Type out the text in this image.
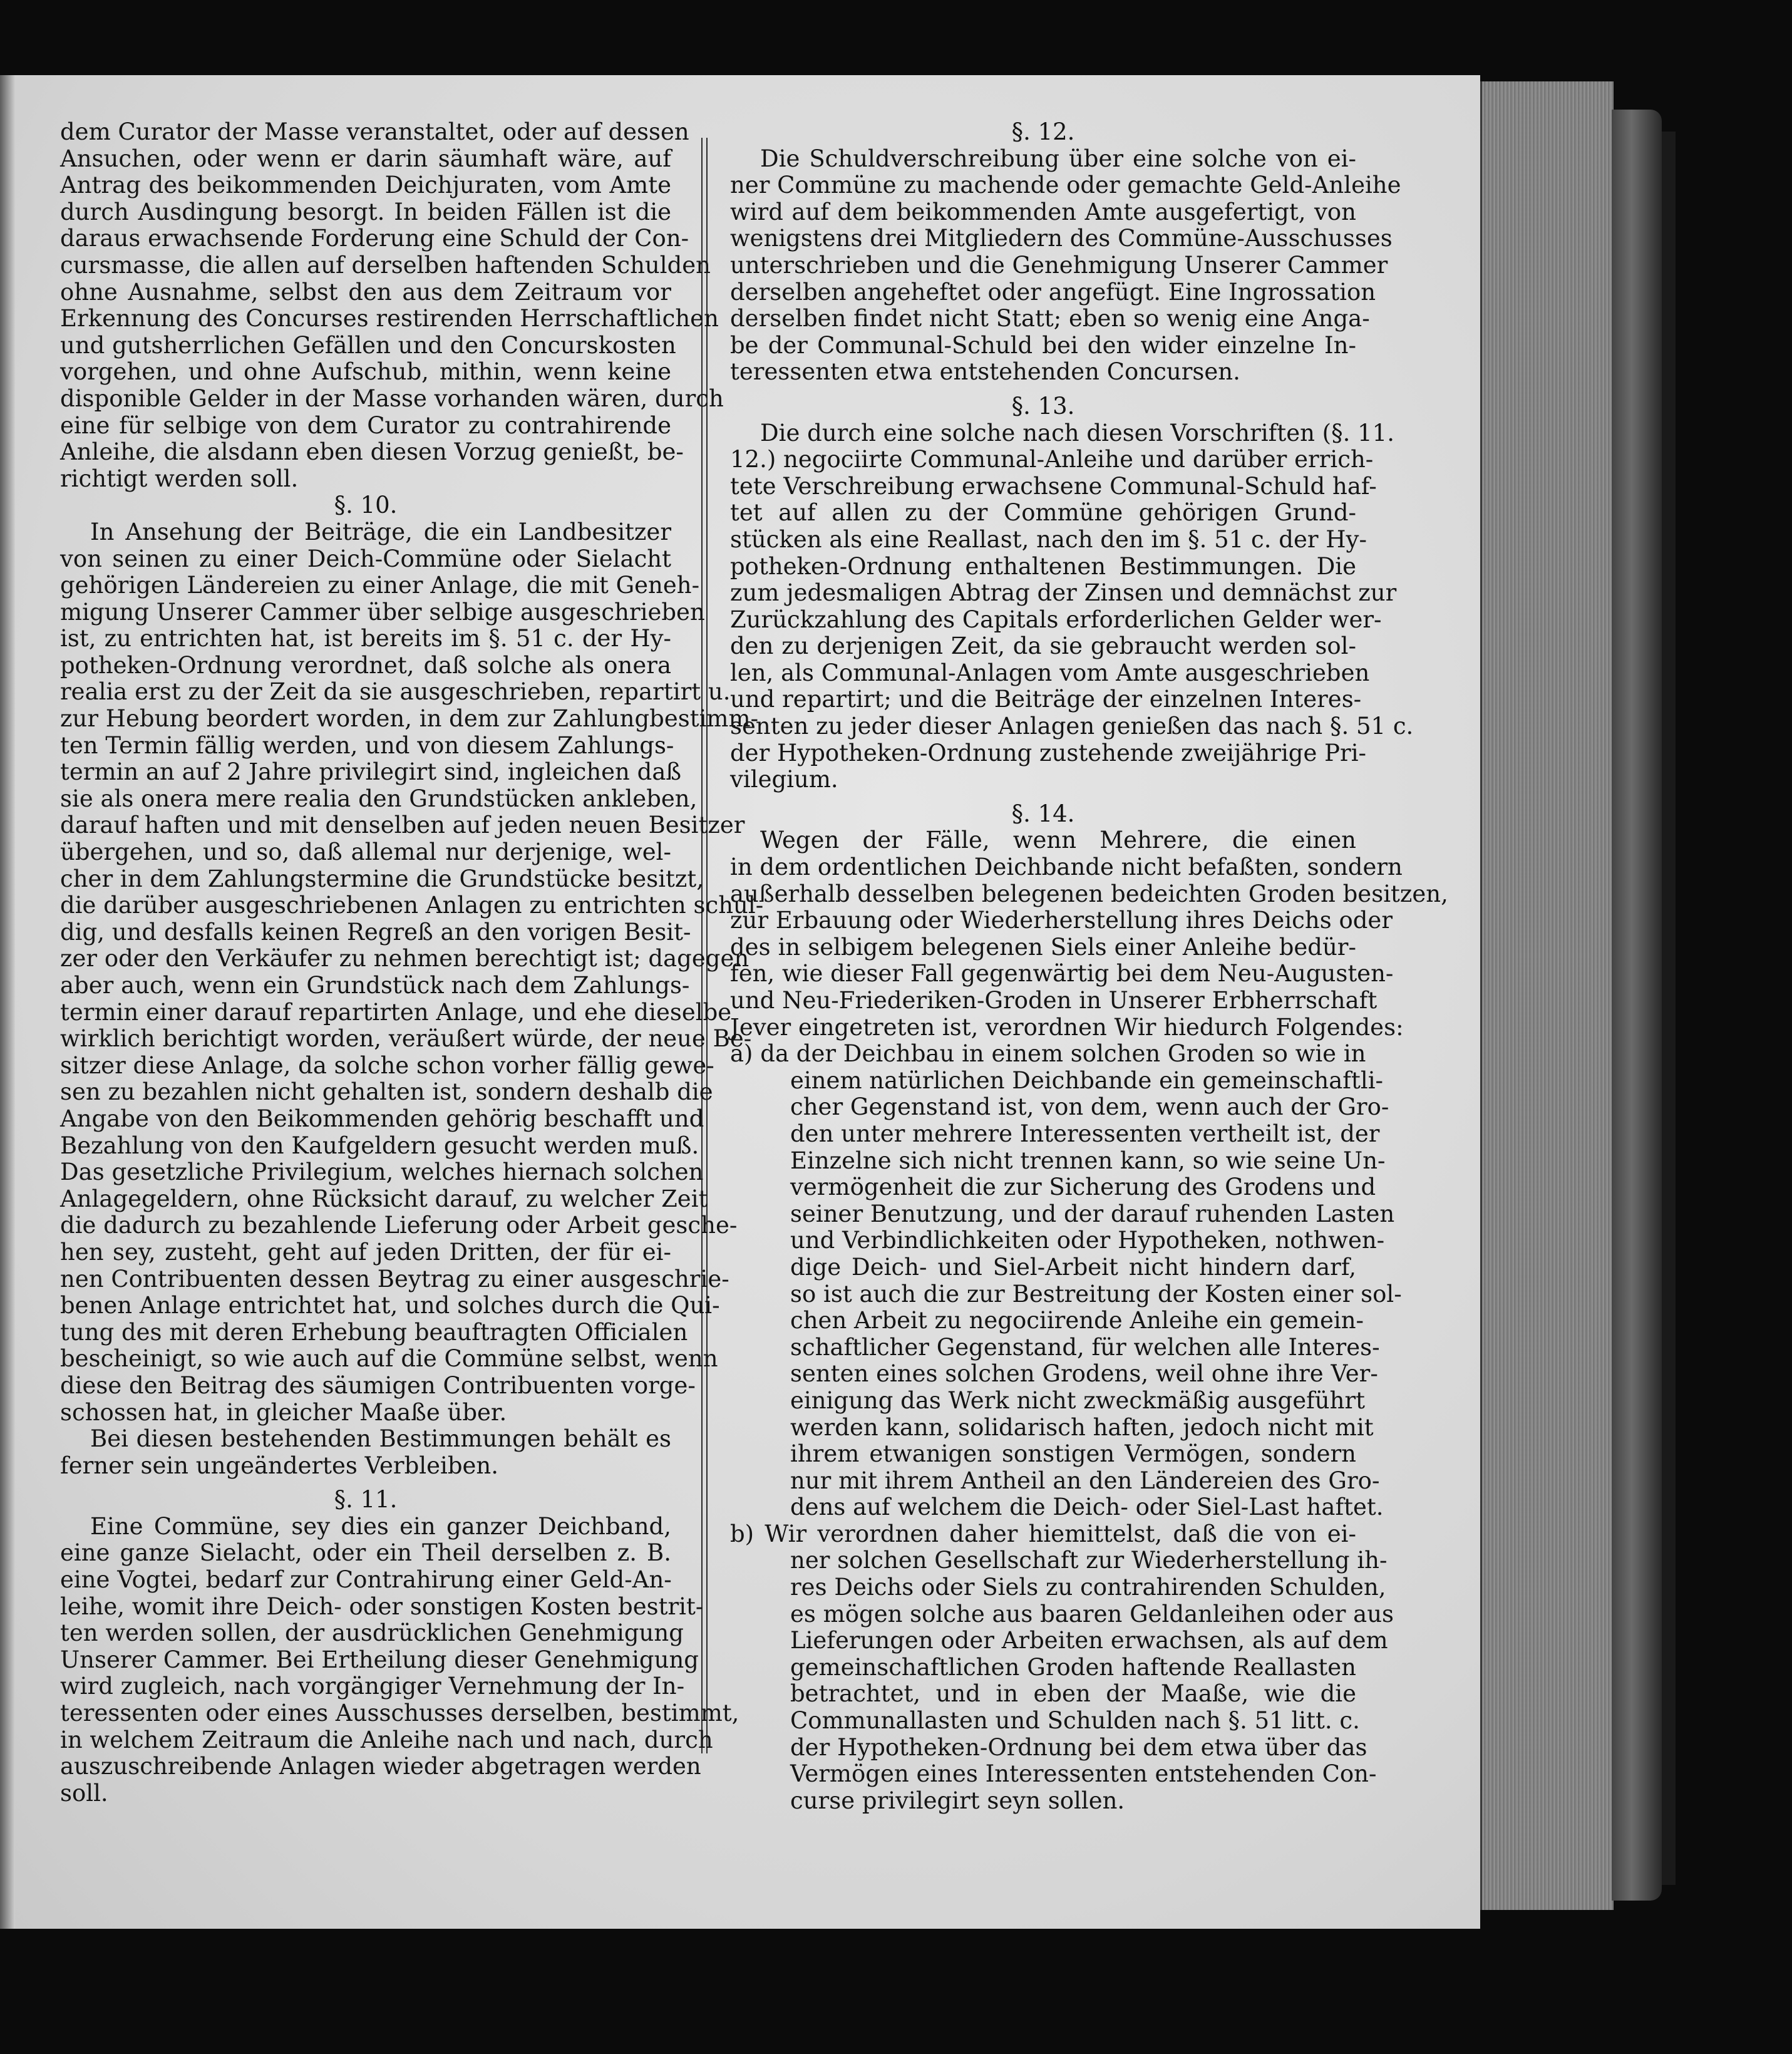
dem Curator der Masse veranstaltet, oder auf dessen

Ansuchen, oder wenn er darin säumhaft wäre, auf

Antrag des beikommenden Deichjuraten, vom Amte

durch Ausdingung besorgt. In beiden Fällen ist die

daraus erwachsende Forderung eine Schuld der Con-

cursmasse, die allen auf derselben haftenden Schulden

ohne Ausnahme, selbst den aus dem Zeitraum vor

Erkennung des Concurses restirenden Herrschaftlichen

und gutsherrlichen Gefällen und den Concurskosten

vorgehen, und ohne Aufschub, mithin, wenn keine

disponible Gelder in der Masse vorhanden wären, durch

eine für selbige von dem Curator zu contrahirende

Anleihe, die alsdann eben diesen Vorzug genießt, be-

richtigt werden soll.

§. 10.

In Ansehung der Beiträge, die ein Landbesitzer

von seinen zu einer Deich-Commüne oder Sielacht

gehörigen Ländereien zu einer Anlage, die mit Geneh-

migung Unserer Cammer über selbige ausgeschrieben

ist, zu entrichten hat, ist bereits im §. 51 c. der Hy-

potheken-Ordnung verordnet, daß solche als onera

realia erst zu der Zeit da sie ausgeschrieben, repartirt u.

zur Hebung beordert worden, in dem zur Zahlungbestimm-

ten Termin fällig werden, und von diesem Zahlungs-

termin an auf 2 Jahre privilegirt sind, ingleichen daß

sie als onera mere realia den Grundstücken ankleben,

darauf haften und mit denselben auf jeden neuen Besitzer

übergehen, und so, daß allemal nur derjenige, wel-

cher in dem Zahlungstermine die Grundstücke besitzt,

die darüber ausgeschriebenen Anlagen zu entrichten schul-

dig, und desfalls keinen Regreß an den vorigen Besit-

zer oder den Verkäufer zu nehmen berechtigt ist; dagegen

aber auch, wenn ein Grundstück nach dem Zahlungs-

termin einer darauf repartirten Anlage, und ehe dieselbe

wirklich berichtigt worden, veräußert würde, der neue Be-

sitzer diese Anlage, da solche schon vorher fällig gewe-

sen zu bezahlen nicht gehalten ist, sondern deshalb die

Angabe von den Beikommenden gehörig beschafft und

Bezahlung von den Kaufgeldern gesucht werden muß.

Das gesetzliche Privilegium, welches hiernach solchen

Anlagegeldern, ohne Rücksicht darauf, zu welcher Zeit

die dadurch zu bezahlende Lieferung oder Arbeit gesche-

hen sey, zusteht, geht auf jeden Dritten, der für ei-

nen Contribuenten dessen Beytrag zu einer ausgeschrie-

benen Anlage entrichtet hat, und solches durch die Qui-

tung des mit deren Erhebung beauftragten Officialen

bescheinigt, so wie auch auf die Commüne selbst, wenn

diese den Beitrag des säumigen Contribuenten vorge-

schossen hat, in gleicher Maaße über.

Bei diesen bestehenden Bestimmungen behält es

ferner sein ungeändertes Verbleiben.

§. 11.

Eine Commüne, sey dies ein ganzer Deichband,

eine ganze Sielacht, oder ein Theil derselben z. B.

eine Vogtei, bedarf zur Contrahirung einer Geld-An-

leihe, womit ihre Deich- oder sonstigen Kosten bestrit-

ten werden sollen, der ausdrücklichen Genehmigung

Unserer Cammer. Bei Ertheilung dieser Genehmigung

wird zugleich, nach vorgängiger Vernehmung der In-

teressenten oder eines Ausschusses derselben, bestimmt,

in welchem Zeitraum die Anleihe nach und nach, durch

auszuschreibende Anlagen wieder abgetragen werden

soll.

§. 12.

Die Schuldverschreibung über eine solche von ei-

ner Commüne zu machende oder gemachte Geld-Anleihe

wird auf dem beikommenden Amte ausgefertigt, von

wenigstens drei Mitgliedern des Commüne-Ausschusses

unterschrieben und die Genehmigung Unserer Cammer

derselben angeheftet oder angefügt. Eine Ingrossation

derselben findet nicht Statt; eben so wenig eine Anga-

be der Communal-Schuld bei den wider einzelne In-

teressenten etwa entstehenden Concursen.

§. 13.

Die durch eine solche nach diesen Vorschriften (§. 11.

12.) negociirte Communal-Anleihe und darüber errich-

tete Verschreibung erwachsene Communal-Schuld haf-

tet auf allen zu der Commüne gehörigen Grund-

stücken als eine Reallast, nach den im §. 51 c. der Hy-

potheken-Ordnung enthaltenen Bestimmungen. Die

zum jedesmaligen Abtrag der Zinsen und demnächst zur

Zurückzahlung des Capitals erforderlichen Gelder wer-

den zu derjenigen Zeit, da sie gebraucht werden sol-

len, als Communal-Anlagen vom Amte ausgeschrieben

und repartirt; und die Beiträge der einzelnen Interes-

senten zu jeder dieser Anlagen genießen das nach §. 51 c.

der Hypotheken-Ordnung zustehende zweijährige Pri-

vilegium.

§. 14.

Wegen der Fälle, wenn Mehrere, die einen

in dem ordentlichen Deichbande nicht befaßten, sondern

außerhalb desselben belegenen bedeichten Groden besitzen,

zur Erbauung oder Wiederherstellung ihres Deichs oder

des in selbigem belegenen Siels einer Anleihe bedür-

fen, wie dieser Fall gegenwärtig bei dem Neu-Augusten-

und Neu-Friederiken-Groden in Unserer Erbherrschaft

Jever eingetreten ist, verordnen Wir hiedurch Folgendes:

a) da der Deichbau in einem solchen Groden so wie in

einem natürlichen Deichbande ein gemeinschaftli-

cher Gegenstand ist, von dem, wenn auch der Gro-

den unter mehrere Interessenten vertheilt ist, der

Einzelne sich nicht trennen kann, so wie seine Un-

vermögenheit die zur Sicherung des Grodens und

seiner Benutzung, und der darauf ruhenden Lasten

und Verbindlichkeiten oder Hypotheken, nothwen-

dige Deich- und Siel-Arbeit nicht hindern darf,

so ist auch die zur Bestreitung der Kosten einer sol-

chen Arbeit zu negociirende Anleihe ein gemein-

schaftlicher Gegenstand, für welchen alle Interes-

senten eines solchen Grodens, weil ohne ihre Ver-

einigung das Werk nicht zweckmäßig ausgeführt

werden kann, solidarisch haften, jedoch nicht mit

ihrem etwanigen sonstigen Vermögen, sondern

nur mit ihrem Antheil an den Ländereien des Gro-

dens auf welchem die Deich- oder Siel-Last haftet.

b) Wir verordnen daher hiemittelst, daß die von ei-

ner solchen Gesellschaft zur Wiederherstellung ih-

res Deichs oder Siels zu contrahirenden Schulden,

es mögen solche aus baaren Geldanleihen oder aus

Lieferungen oder Arbeiten erwachsen, als auf dem

gemeinschaftlichen Groden haftende Reallasten

betrachtet, und in eben der Maaße, wie die

Communallasten und Schulden nach §. 51 litt. c.

der Hypotheken-Ordnung bei dem etwa über das

Vermögen eines Interessenten entstehenden Con-

curse privilegirt seyn sollen.
